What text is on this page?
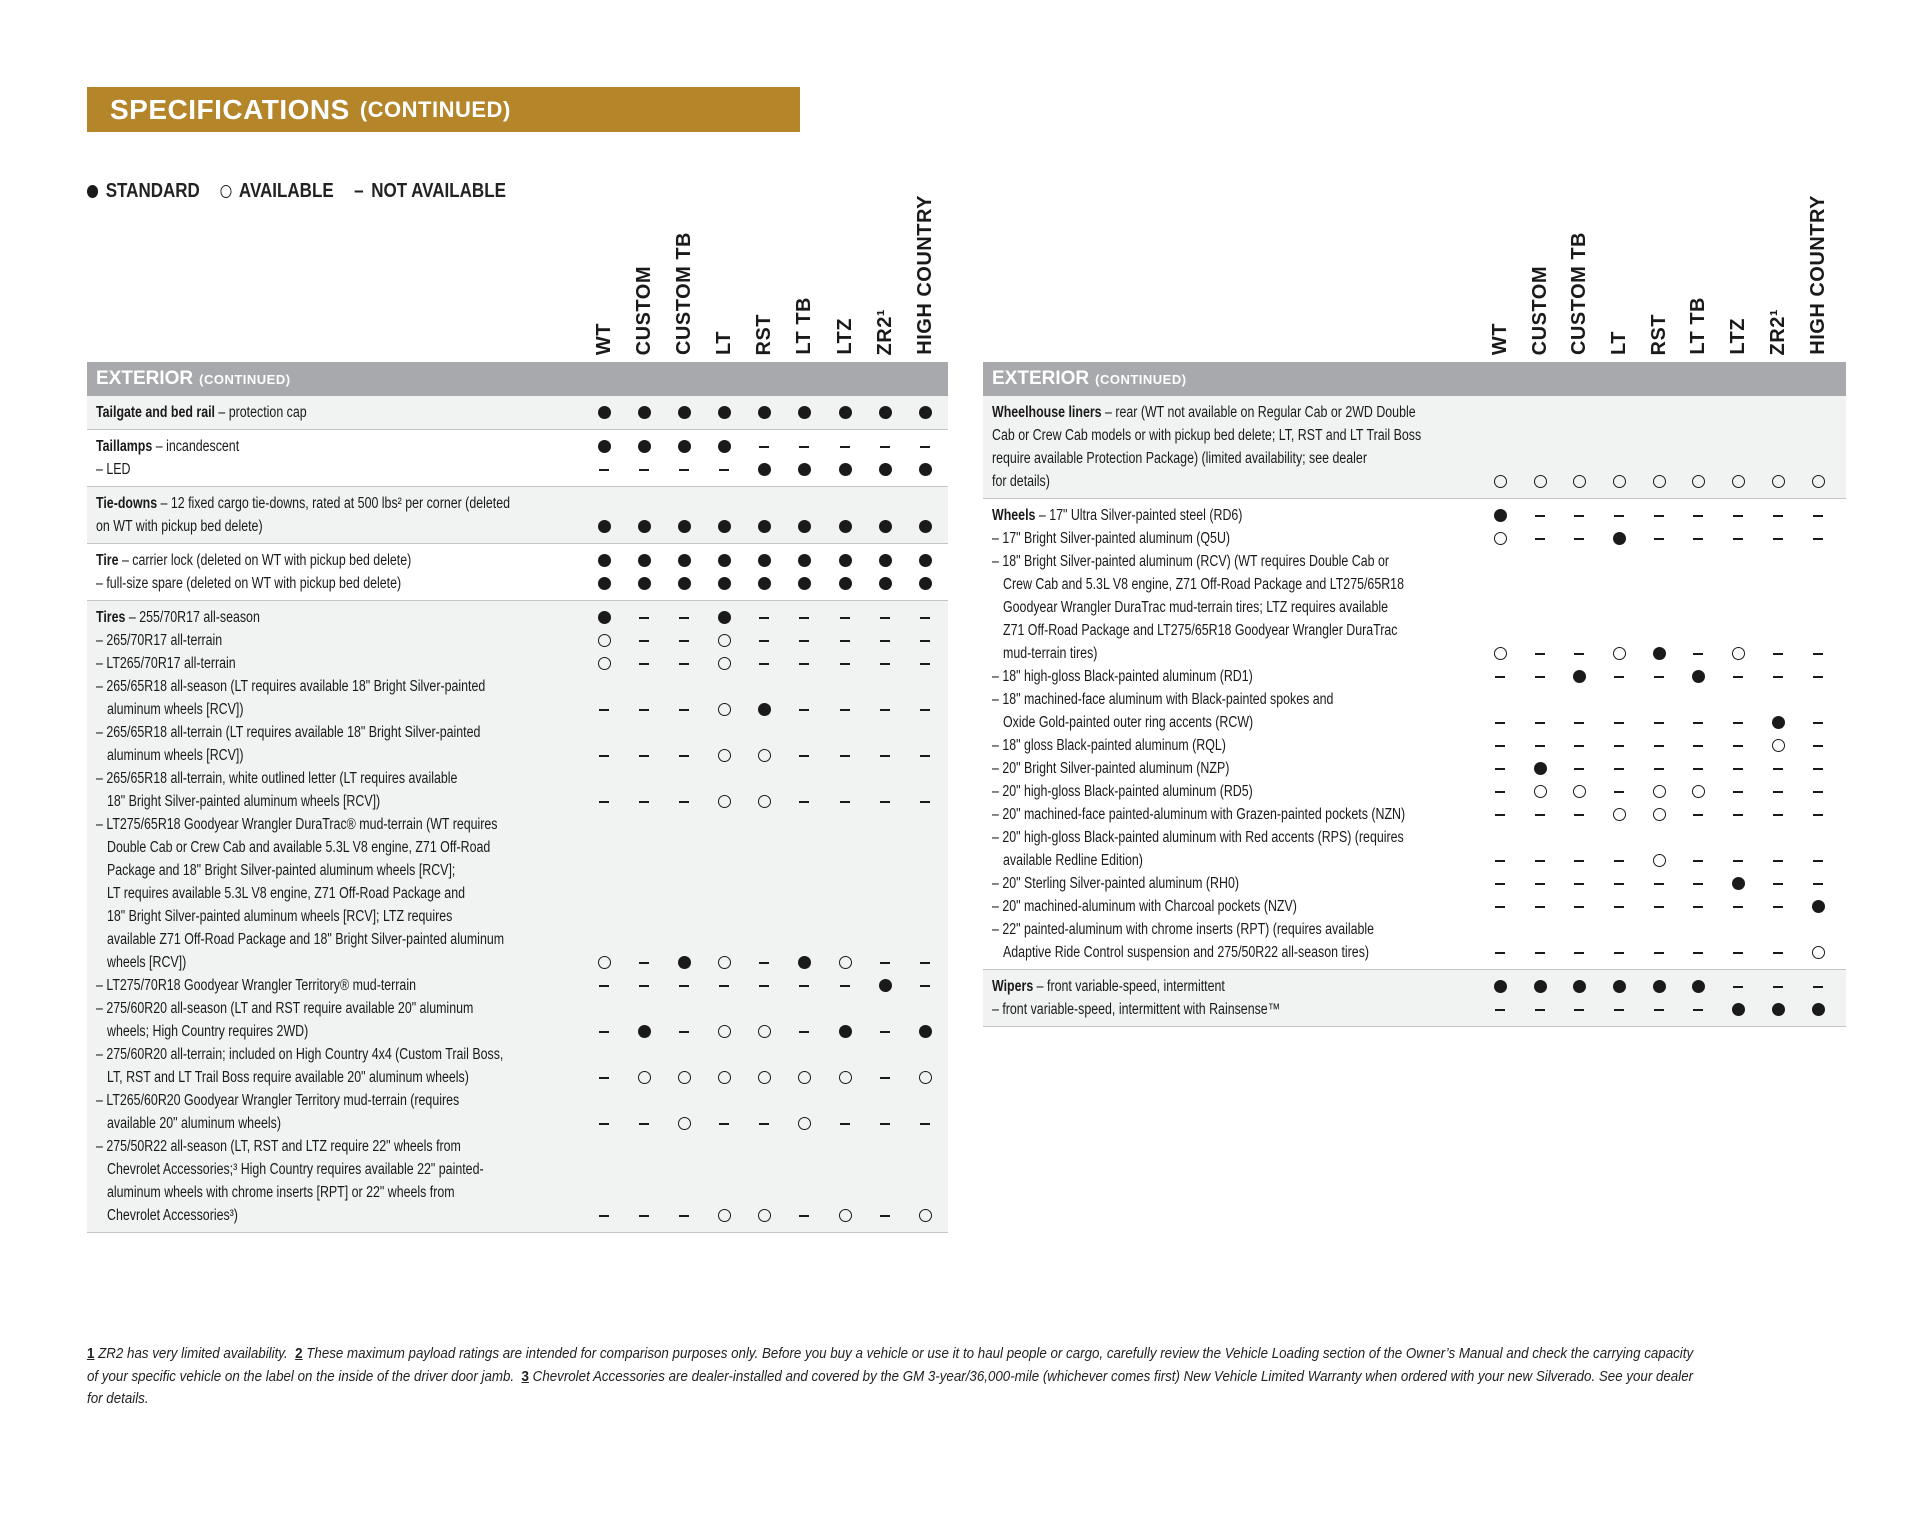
SPECIFICATIONS (CONTINUED)
STANDARD AVAILABLE – NOT AVAILABLE
WT CUSTOM CUSTOM TB LT RST LT TB LTZ ZR2¹ HIGH COUNTRY
EXTERIOR (CONTINUED)
Tailgate and bed rail – protection cap
Taillamps – incandescent
– LED
Tie-downs – 12 fixed cargo tie-downs, rated at 500 lbs² per corner (deleted
on WT with pickup bed delete)
Tire – carrier lock (deleted on WT with pickup bed delete)
– full-size spare (deleted on WT with pickup bed delete)
Tires – 255/70R17 all-season
– 265/70R17 all-terrain
– LT265/70R17 all-terrain
– 265/65R18 all-season (LT requires available 18" Bright Silver-painted
aluminum wheels [RCV])
– 265/65R18 all-terrain (LT requires available 18" Bright Silver-painted
aluminum wheels [RCV])
– 265/65R18 all-terrain, white outlined letter (LT requires available
18" Bright Silver-painted aluminum wheels [RCV])
– LT275/65R18 Goodyear Wrangler DuraTrac® mud-terrain (WT requires
Double Cab or Crew Cab and available 5.3L V8 engine, Z71 Off-Road
Package and 18" Bright Silver-painted aluminum wheels [RCV];
LT requires available 5.3L V8 engine, Z71 Off-Road Package and
18" Bright Silver-painted aluminum wheels [RCV]; LTZ requires
available Z71 Off-Road Package and 18" Bright Silver-painted aluminum
wheels [RCV])
– LT275/70R18 Goodyear Wrangler Territory® mud-terrain
– 275/60R20 all-season (LT and RST require available 20" aluminum
wheels; High Country requires 2WD)
– 275/60R20 all-terrain; included on High Country 4x4 (Custom Trail Boss,
LT, RST and LT Trail Boss require available 20" aluminum wheels)
– LT265/60R20 Goodyear Wrangler Territory mud-terrain (requires
available 20" aluminum wheels)
– 275/50R22 all-season (LT, RST and LTZ require 22" wheels from
Chevrolet Accessories;³ High Country requires available 22" painted-
aluminum wheels with chrome inserts [RPT] or 22" wheels from
Chevrolet Accessories³)
WT CUSTOM CUSTOM TB LT RST LT TB LTZ ZR2¹ HIGH COUNTRY
EXTERIOR (CONTINUED)
Wheelhouse liners – rear (WT not available on Regular Cab or 2WD Double
Cab or Crew Cab models or with pickup bed delete; LT, RST and LT Trail Boss
require available Protection Package) (limited availability; see dealer
for details)
Wheels – 17" Ultra Silver-painted steel (RD6)
– 17" Bright Silver-painted aluminum (Q5U)
– 18" Bright Silver-painted aluminum (RCV) (WT requires Double Cab or
Crew Cab and 5.3L V8 engine, Z71 Off-Road Package and LT275/65R18
Goodyear Wrangler DuraTrac mud-terrain tires; LTZ requires available
Z71 Off-Road Package and LT275/65R18 Goodyear Wrangler DuraTrac
mud-terrain tires)
– 18" high-gloss Black-painted aluminum (RD1)
– 18" machined-face aluminum with Black-painted spokes and
Oxide Gold-painted outer ring accents (RCW)
– 18" gloss Black-painted aluminum (RQL)
– 20" Bright Silver-painted aluminum (NZP)
– 20" high-gloss Black-painted aluminum (RD5)
– 20" machined-face painted-aluminum with Grazen-painted pockets (NZN)
– 20" high-gloss Black-painted aluminum with Red accents (RPS) (requires
available Redline Edition)
– 20" Sterling Silver-painted aluminum (RH0)
– 20" machined-aluminum with Charcoal pockets (NZV)
– 22" painted-aluminum with chrome inserts (RPT) (requires available
Adaptive Ride Control suspension and 275/50R22 all-season tires)
Wipers – front variable-speed, intermittent
– front variable-speed, intermittent with Rainsense™
1 ZR2 has very limited availability. 2 These maximum payload ratings are intended for comparison purposes only. Before you buy a vehicle or use it to haul people or cargo, carefully review the Vehicle Loading section of the Owner’s Manual and check the carrying capacity of your specific vehicle on the label on the inside of the driver door jamb. 3 Chevrolet Accessories are dealer-installed and covered by the GM 3-year/36,000-mile (whichever comes first) New Vehicle Limited Warranty when ordered with your new Silverado. See your dealer for details.
